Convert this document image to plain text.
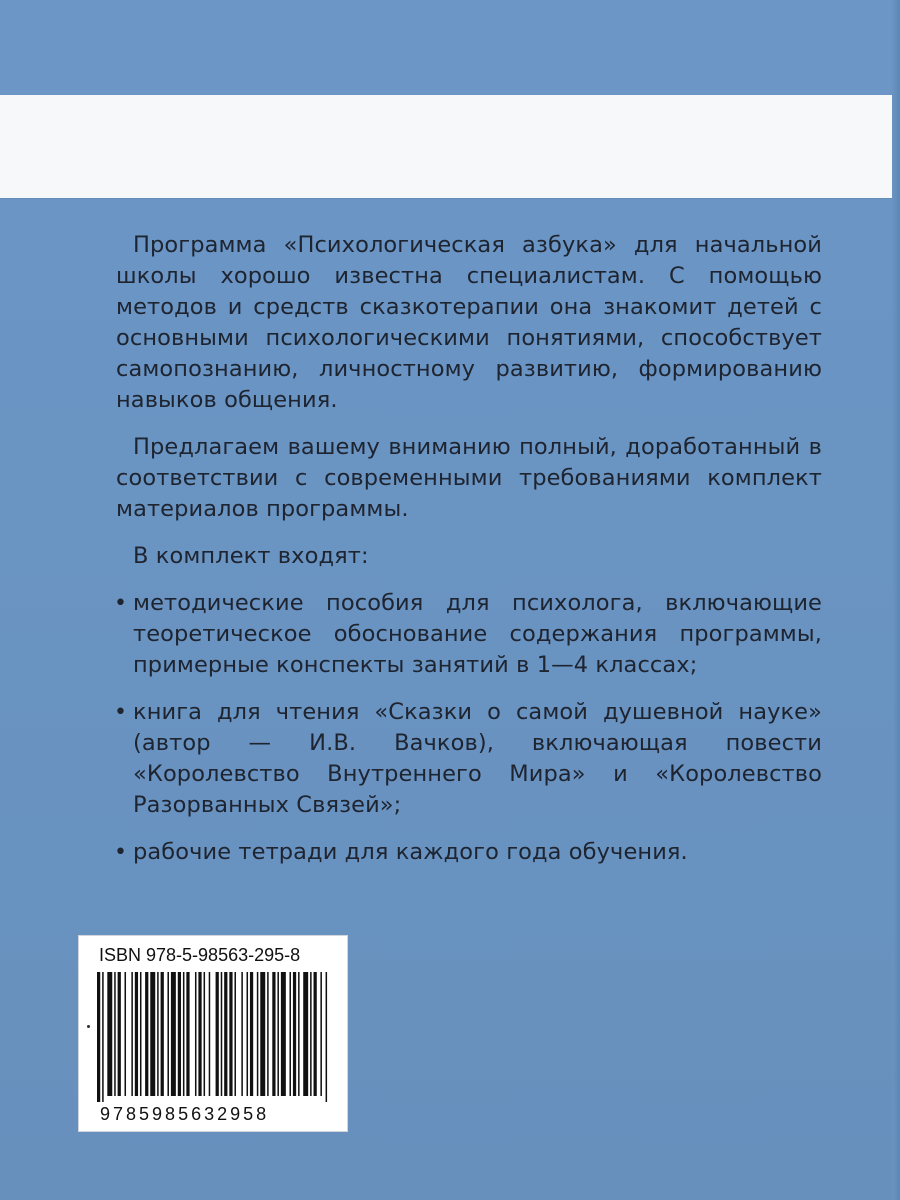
Программа «Психологическая азбука» для начальной школы хорошо известна специалистам. С помощью методов и средств сказкотерапии она знакомит детей с основными психологическими понятиями, способствует самопознанию, личностному развитию, формированию навыков общения.

Предлагаем вашему вниманию полный, доработанный в соответствии с современными требованиями комплект материалов программы.

В комплект входят:

• методические пособия для психолога, включающие теоретическое обоснование содержания программы, примерные конспекты занятий в 1—4 классах;
• книга для чтения «Сказки о самой душевной науке» (автор — И.В. Вачков), включающая повести «Королевство Внутреннего Мира» и «Королевство Разорванных Связей»;
• рабочие тетради для каждого года обучения.
ISBN 978-5-98563-295-8
9785985632958
